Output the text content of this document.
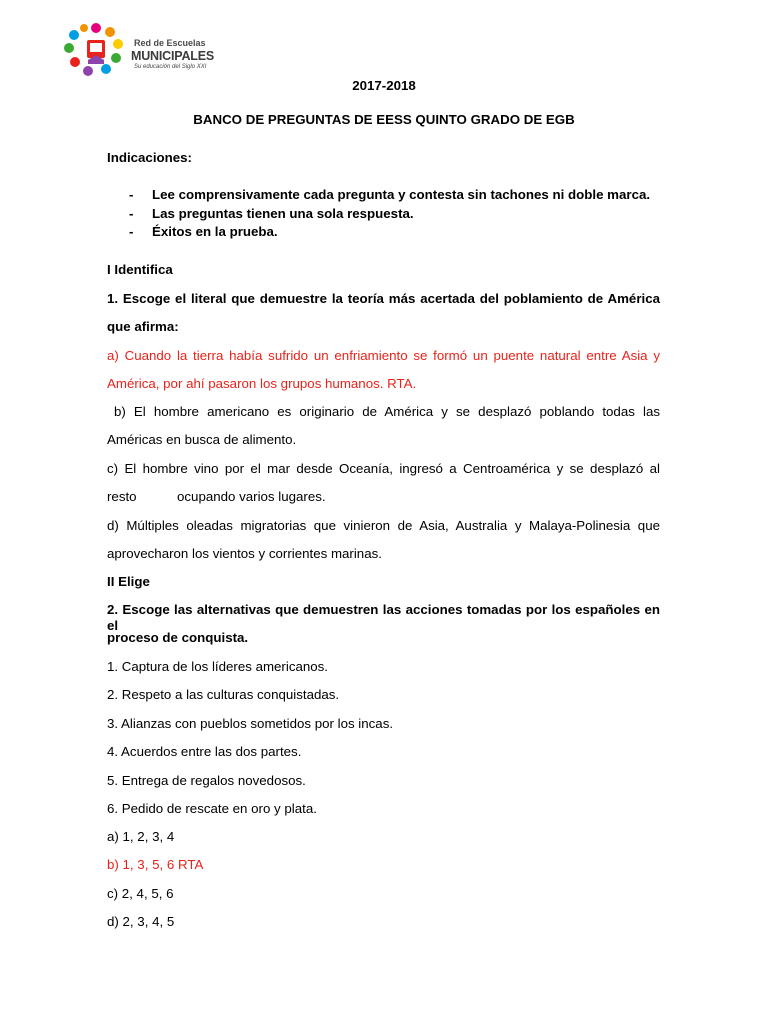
Red de Escuelas
MUNICIPALES
Su educación del Siglo XXI
2017-2018
BANCO DE PREGUNTAS DE EESS QUINTO GRADO DE EGB
Indicaciones:
- Lee comprensivamente cada pregunta y contesta sin tachones ni doble marca.
- Las preguntas tienen una sola respuesta.
- Éxitos en la prueba.
I Identifica
1. Escoge el literal que demuestre la teoría más acertada del poblamiento de América
que afirma:
a) Cuando la tierra había sufrido un enfriamiento se formó un puente natural entre Asia y
América, por ahí pasaron los grupos humanos. RTA.
b) El hombre americano es originario de América y se desplazó poblando todas las
Américas en busca de alimento.
c) El hombre vino por el mar desde Oceanía, ingresó a Centroamérica y se desplazó al
resto	ocupando varios lugares.
d) Múltiples oleadas migratorias que vinieron de Asia, Australia y Malaya-Polinesia que
aprovecharon los vientos y corrientes marinas.
II Elige
2. Escoge las alternativas que demuestren las acciones tomadas por los españoles en el
proceso de conquista.
1. Captura de los líderes americanos.
2. Respeto a las culturas conquistadas.
3. Alianzas con pueblos sometidos por los incas.
4. Acuerdos entre las dos partes.
5. Entrega de regalos novedosos.
6. Pedido de rescate en oro y plata.
a) 1, 2, 3, 4
b) 1, 3, 5, 6 RTA
c) 2, 4, 5, 6
d) 2, 3, 4, 5
